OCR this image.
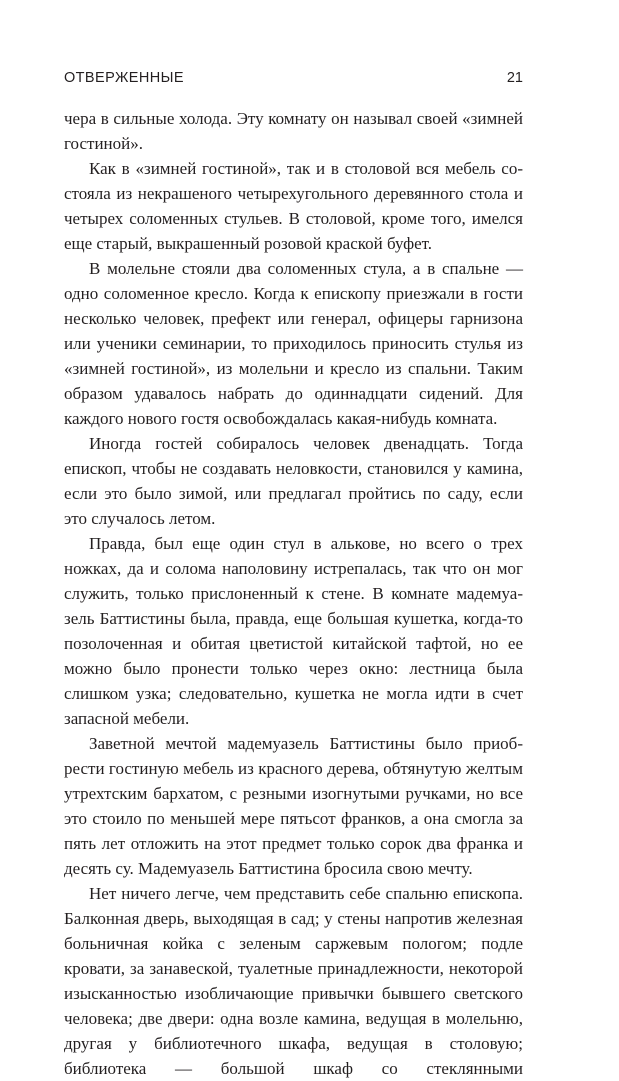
ОТВЕРЖЕННЫЕ	21

чера в сильные холода. Эту комнату он называл своей «зимней гостиной».

Как в «зимней гостиной», так и в столовой вся мебель состояла из некрашеного четырехугольного деревянного стола и четырех соломенных стульев. В столовой, кроме того, имелся еще старый, выкрашенный розовой краской буфет.

В молельне стояли два соломенных стула, а в спальне — одно соломенное кресло. Когда к епископу приезжали в гости несколько человек, префект или генерал, офицеры гарнизона или ученики семинарии, то приходилось приносить стулья из «зимней гостиной», из молельни и кресло из спальни. Таким образом удавалось набрать до одиннадцати сидений. Для каждого нового гостя освобождалась какая-нибудь комната.

Иногда гостей собиралось человек двенадцать. Тогда епископ, чтобы не создавать неловкости, становился у камина, если это было зимой, или предлагал пройтись по саду, если это случалось летом.

Правда, был еще один стул в алькове, но всего о трех ножках, да и солома наполовину истрепалась, так что он мог служить, только прислоненный к стене. В комнате мадемуазель Баттистины была, правда, еще большая кушетка, когда-то позолоченная и обитая цветистой китайской тафтой, но ее можно было пронести только через окно: лестница была слишком узка; следовательно, кушетка не могла идти в счет запасной мебели.

Заветной мечтой мадемуазель Баттистины было приобрести гостиную мебель из красного дерева, обтянутую желтым утрехтским бархатом, с резными изогнутыми ручками, но все это стоило по меньшей мере пятьсот франков, а она смогла за пять лет отложить на этот предмет только сорок два франка и десять су. Мадемуазель Баттистина бросила свою мечту.

Нет ничего легче, чем представить себе спальню епископа. Балконная дверь, выходящая в сад; у стены напротив железная больничная койка с зеленым саржевым пологом; подле кровати, за занавеской, туалетные принадлежности, некоторой изысканностью изобличающие привычки бывшего светского человека; две двери: одна возле камина, ведущая в молельню, другая у библиотечного шкафа, ведущая в столовую; библиотека — большой шкаф со стеклянными
